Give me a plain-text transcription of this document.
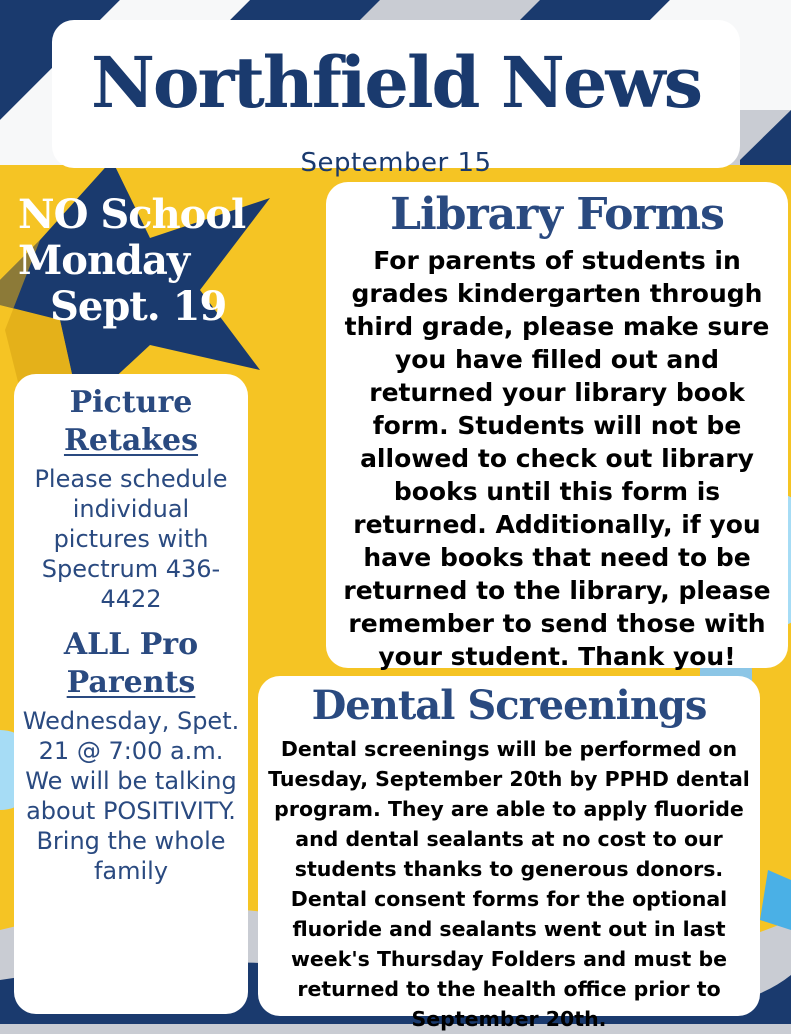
Northfield News

September 15

NO School
Monday
Sept. 19
Picture
Retakes

Please schedule individual pictures with Spectrum 436-4422

ALL Pro
Parents

Wednesday, Spet. 21 @ 7:00 a.m. We will be talking about POSITIVITY. Bring the whole family

Library Forms

For parents of students in grades kindergarten through third grade, please make sure you have filled out and returned your library book form. Students will not be allowed to check out library books until this form is returned. Additionally, if you have books that need to be returned to the library, please remember to send those with your student. Thank you!

Dental Screenings

Dental screenings will be performed on Tuesday, September 20th by PPHD dental program. They are able to apply fluoride and dental sealants at no cost to our students thanks to generous donors. Dental consent forms for the optional fluoride and sealants went out in last week's Thursday Folders and must be returned to the health office prior to September 20th.
